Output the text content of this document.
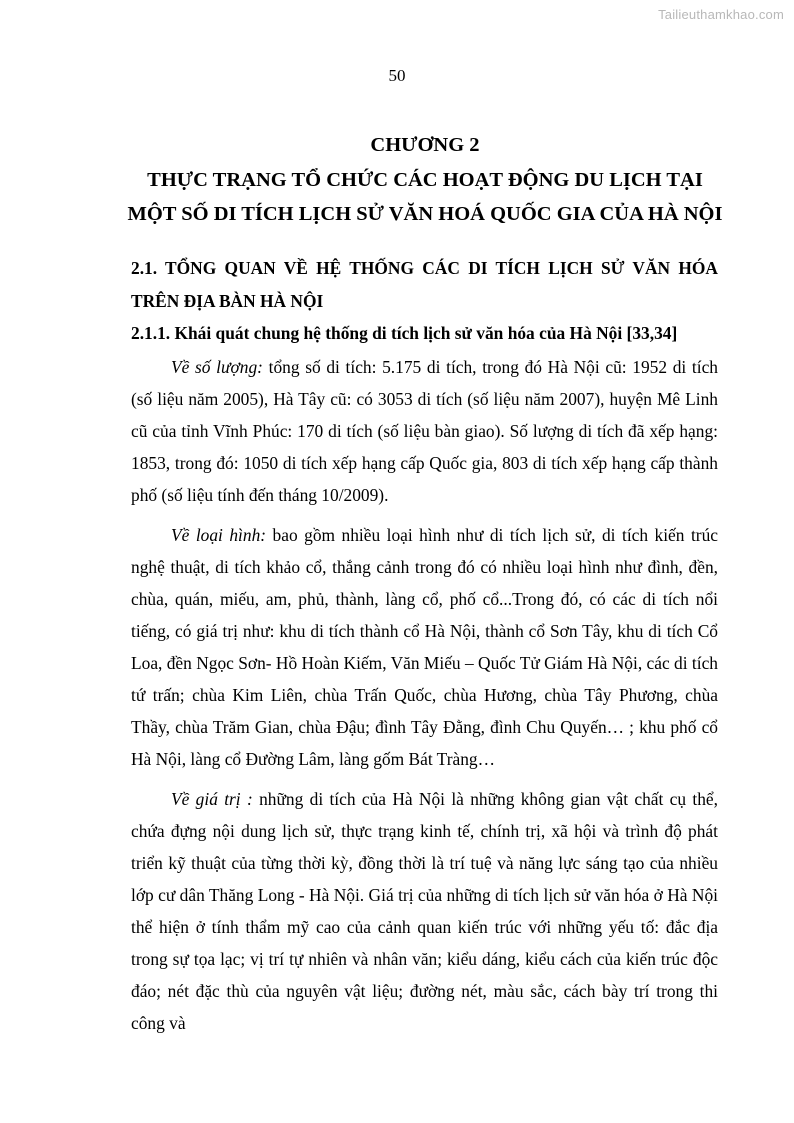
Tailieuthamkhao.com
50
CHƯƠNG 2
THỰC TRẠNG TỔ CHỨC CÁC HOẠT ĐỘNG DU LỊCH TẠI
MỘT SỐ DI TÍCH LỊCH SỬ VĂN HOÁ QUỐC GIA CỦA HÀ NỘI
2.1. TỔNG QUAN VỀ HỆ THỐNG CÁC DI TÍCH LỊCH SỬ VĂN HÓA
TRÊN ĐỊA BÀN HÀ NỘI
2.1.1. Khái quát chung hệ thống di tích lịch sử văn hóa của Hà Nội [33,34]

Về số lượng: tổng số di tích: 5.175 di tích, trong đó Hà Nội cũ: 1952 di tích (số liệu năm 2005), Hà Tây cũ: có 3053 di tích (số liệu năm 2007), huyện Mê Linh cũ của tỉnh Vĩnh Phúc: 170 di tích (số liệu bàn giao). Số lượng di tích đã xếp hạng: 1853, trong đó: 1050 di tích xếp hạng cấp Quốc gia, 803 di tích xếp hạng cấp thành phố (số liệu tính đến tháng 10/2009).

Về loại hình: bao gồm nhiều loại hình như di tích lịch sử, di tích kiến trúc nghệ thuật, di tích khảo cổ, thắng cảnh trong đó có nhiều loại hình như đình, đền, chùa, quán, miếu, am, phủ, thành, làng cổ, phố cổ...Trong đó, có các di tích nổi tiếng, có giá trị như: khu di tích thành cổ Hà Nội, thành cổ Sơn Tây, khu di tích Cổ Loa, đền Ngọc Sơn- Hồ Hoàn Kiếm, Văn Miếu – Quốc Tử Giám Hà Nội, các di tích tứ trấn; chùa Kim Liên, chùa Trấn Quốc, chùa Hương, chùa Tây Phương, chùa Thầy, chùa Trăm Gian, chùa Đậu; đình Tây Đằng, đình Chu Quyến… ; khu phố cổ Hà Nội, làng cổ Đường Lâm, làng gốm Bát Tràng…

Về giá trị : những di tích của Hà Nội là những không gian vật chất cụ thể, chứa đựng nội dung lịch sử, thực trạng kinh tế, chính trị, xã hội và trình độ phát triển kỹ thuật của từng thời kỳ, đồng thời là trí tuệ và năng lực sáng tạo của nhiều lớp cư dân Thăng Long - Hà Nội. Giá trị của những di tích lịch sử văn hóa ở Hà Nội thể hiện ở tính thẩm mỹ cao của cảnh quan kiến trúc với những yếu tố: đắc địa trong sự tọa lạc; vị trí tự nhiên và nhân văn; kiểu dáng, kiểu cách của kiến trúc độc đáo; nét đặc thù của nguyên vật liệu; đường nét, màu sắc, cách bày trí trong thi công và
